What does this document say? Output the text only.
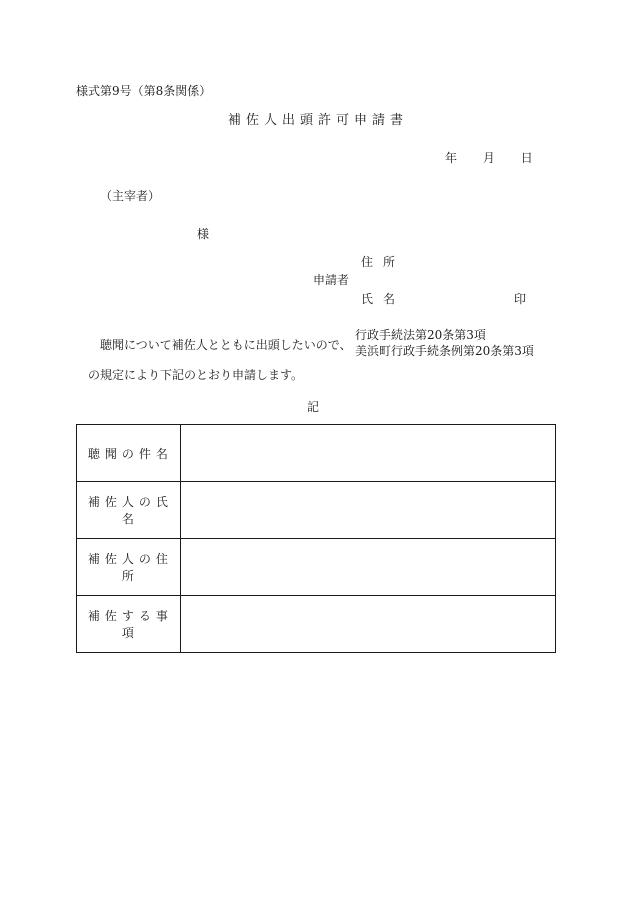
様式第9号（第8条関係）
補佐人出頭許可申請書
年 月 日
（主宰者）
様
住所
申請者
氏名	印
聴聞について補佐人とともに出頭したいので、
行政手続法第20条第3項
美浜町行政手続条例第20条第3項
の規定により下記のとおり申請します。
記
聴聞の件名	
補佐人の氏名	
補佐人の住所	
補佐する事項	
